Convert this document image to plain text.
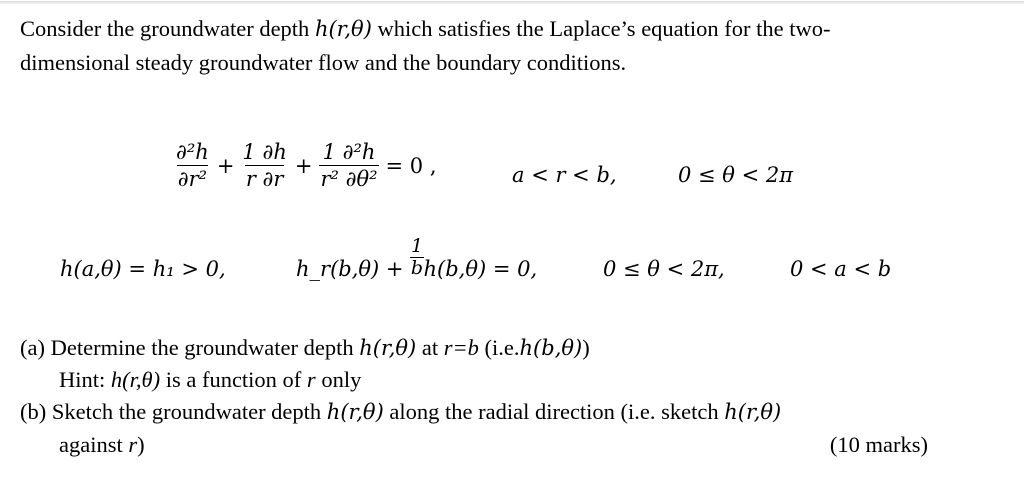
Consider the groundwater depth h(r,θ) which satisfies the Laplace’s equation for the two-

dimensional steady groundwater flow and the boundary conditions.

$\frac{\text{∂²h}}{\text{∂r²}} + \frac{1 \partial h}{r \partial r} + \frac{\text{1 ∂²h}}{\text{r² ∂θ²}} = 0$ ,	a < r < b,	0 ≤ θ < 2π
h(a,θ) = h₁ > 0,	h_r(b,θ) + h(b,θ) = 0,
$\frac{1}{b}$	0 ≤ θ < 2π,	0 < a < b
(a) Determine the groundwater depth h(r,θ) at r=b (i.e.h(b,θ))
Hint: h(r,θ) is a function of r only
(b) Sketch the groundwater depth h(r,θ) along the radial direction (i.e. sketch h(r,θ)
against r)	(10 marks)
